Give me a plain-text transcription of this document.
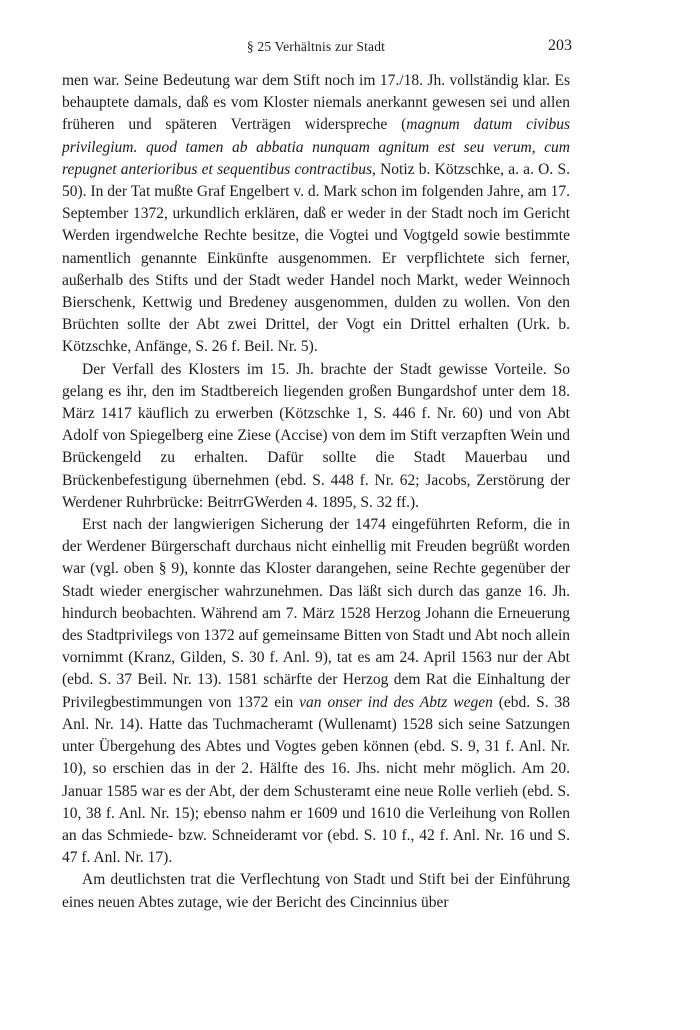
§ 25 Verhältnis zur Stadt	203

men war. Seine Bedeutung war dem Stift noch im 17./18. Jh. vollständig klar. Es behauptete damals, daß es vom Kloster niemals anerkannt gewesen sei und allen früheren und späteren Verträgen widerspreche (magnum datum civibus privilegium. quod tamen ab abbatia nunquam agnitum est seu verum, cum repugnet anterioribus et sequentibus contractibus, Notiz b. Kötzschke, a. a. O. S. 50). In der Tat mußte Graf Engelbert v. d. Mark schon im folgenden Jahre, am 17. September 1372, urkundlich erklären, daß er weder in der Stadt noch im Gericht Werden irgendwelche Rechte besitze, die Vogtei und Vogtgeld sowie bestimmte namentlich genannte Einkünfte ausgenommen. Er verpflichtete sich ferner, außerhalb des Stifts und der Stadt weder Handel noch Markt, weder Weinnoch Bierschenk, Kettwig und Bredeney ausgenommen, dulden zu wollen. Von den Brüchten sollte der Abt zwei Drittel, der Vogt ein Drittel erhalten (Urk. b. Kötzschke, Anfänge, S. 26 f. Beil. Nr. 5).

Der Verfall des Klosters im 15. Jh. brachte der Stadt gewisse Vorteile. So gelang es ihr, den im Stadtbereich liegenden großen Bungardshof unter dem 18. März 1417 käuflich zu erwerben (Kötzschke 1, S. 446 f. Nr. 60) und von Abt Adolf von Spiegelberg eine Ziese (Accise) von dem im Stift verzapften Wein und Brückengeld zu erhalten. Dafür sollte die Stadt Mauerbau und Brückenbefestigung übernehmen (ebd. S. 448 f. Nr. 62; Jacobs, Zerstörung der Werdener Ruhrbrücke: BeitrrGWerden 4. 1895, S. 32 ff.).

Erst nach der langwierigen Sicherung der 1474 eingeführten Reform, die in der Werdener Bürgerschaft durchaus nicht einhellig mit Freuden begrüßt worden war (vgl. oben § 9), konnte das Kloster darangehen, seine Rechte gegenüber der Stadt wieder energischer wahrzunehmen. Das läßt sich durch das ganze 16. Jh. hindurch beobachten. Während am 7. März 1528 Herzog Johann die Erneuerung des Stadtprivilegs von 1372 auf gemeinsame Bitten von Stadt und Abt noch allein vornimmt (Kranz, Gilden, S. 30 f. Anl. 9), tat es am 24. April 1563 nur der Abt (ebd. S. 37 Beil. Nr. 13). 1581 schärfte der Herzog dem Rat die Einhaltung der Privilegbestimmungen von 1372 ein van onser ind des Abtz wegen (ebd. S. 38 Anl. Nr. 14). Hatte das Tuchmacheramt (Wullenamt) 1528 sich seine Satzungen unter Übergehung des Abtes und Vogtes geben können (ebd. S. 9, 31 f. Anl. Nr. 10), so erschien das in der 2. Hälfte des 16. Jhs. nicht mehr möglich. Am 20. Januar 1585 war es der Abt, der dem Schusteramt eine neue Rolle verlieh (ebd. S. 10, 38 f. Anl. Nr. 15); ebenso nahm er 1609 und 1610 die Verleihung von Rollen an das Schmiede- bzw. Schneideramt vor (ebd. S. 10 f., 42 f. Anl. Nr. 16 und S. 47 f. Anl. Nr. 17).

Am deutlichsten trat die Verflechtung von Stadt und Stift bei der Einführung eines neuen Abtes zutage, wie der Bericht des Cincinnius über
